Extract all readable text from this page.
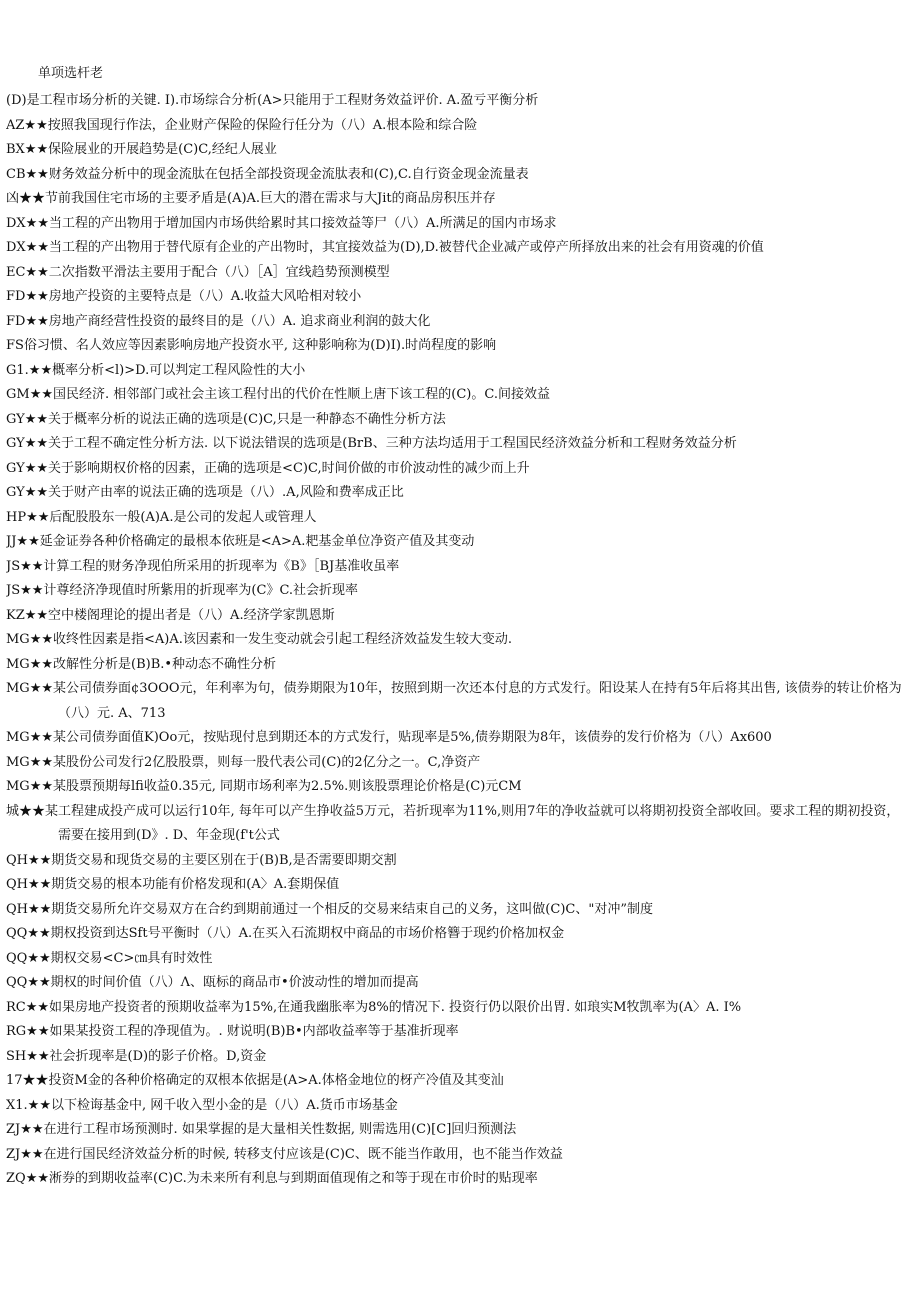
单项选杆老
(D)是工程市场分析的关键. I).市场综合分析(A>只能用于工程财务效益评价. A.盈亏平衡分析
AZ★★按照我国现行作法，企业财产保险的保险行任分为（八）A.根本险和综合险
BX★★保险展业的开展趋势是(C)C,经纪人展业
CB★★财务效益分析中的现金流肽在包括全部投资现金流肽表和(C),C.自行资金现金流量表
凶★★节前我国住宅市场的主要矛盾是(A)A.巨大的潜在需求与大Jit的商品房积压并存
DX★★当工程的产出物用于增加国内市场供给累时其口接效益等尸（八）A.所满足的国内市场求
DX★★当工程的产出物用于替代原有企业的产出物时，其宜接效益为(D),D.被替代企业减产或停产所择放出来的社会有用资魂的价值
EC★★二次指数平滑法主要用于配合（八）［A］宜线趋势预测模型
FD★★房地产投资的主要特点是（八）A.收益大风哈相对较小
FD★★房地产商经营性投资的最终目的是（八）A. 追求商业利润的鼓大化
FS俗习惯、名人效应等因素影响房地产投资水平, 这种影响称为(D)I).时尚程度的影响
G1.★★概率分析<l)>D.可以判定工程风险性的大小
GM★★国民经济. 相邻部门或社会主该工程付出的代价在性顺上唐下该工程的(C)。C.间接效益
GY★★关于概率分析的说法正确的选项是(C)C,只是一种静态不确性分析方法
GY★★关于工程不确定性分析方法. 以下说法错误的选项是(BrB、三种方法均适用于工程国民经济效益分析和工程财务效益分析
GY★★关于影响期权价格的因素，正确的选项是<C)C,时间价做的市价波动性的减少而上升
GY★★关于财产由率的说法正确的选项是（八）.A,风险和费率成正比
HP★★后配股股东一般(A)A.是公司的发起人或管理人
JJ★★延金证券各种价格确定的最根本依班是<A>A.耙基金单位净资产值及其变动
JS★★计算工程的财务净现伯所采用的折现率为《B》［BJ基准收虽率
JS★★计尊经济净现值时所紫用的折现率为(C》C.社会折现率
KZ★★空中楼阁理论的提出者是（八）A.经济学家凯恩斯
MG★★收终性因素是指<A)A.该因素和一发生变动就会引起工程经济效益发生较大变动.
MG★★改解性分析是(B)B.•种动态不确性分析
MG★★某公司债券面¢3OOO元，年利率为句，债券期限为10年，按照到期一次还本付息的方式发行。阳设某人在持有5年后将其出售, 该债券的转让价格为（八）元. A、713
MG★★某公司债券面值K)Oo元，按贴现付息到期还本的方式发行，贴现率是5%,债券期限为8年，该债券的发行价格为（八）Ax600
MG★★某股份公司发行2亿股股票，则每一股代表公司(C)的2亿分之一。C,净资产
MG★★某股票预期每lfi收益0.35元, 同期市场利率为2.5%.则该股票理论价格是(C)元CM
城★★某工程建成投产成可以运行10年, 每年可以产生挣收益5万元，若折现率为11%,则用7年的净收益就可以将期初投资全部收回。要求工程的期初投资，需要在接用到(D》. D、年金现(f't公式
QH★★期货交易和现货交易的主要区别在于(B)B,是否需要即期交割
QH★★期货交易的根本功能有价格发现和(A〉A.套期保值
QH★★期货交易所允许交易双方在合约到期前通过一个相反的交易来结束自己的义务，这叫做(C)C、"对冲”制度
QQ★★期权投资到达Sft号平衡时（八）A.在买入石流期权中商品的市场价格簪于现约价格加权金
QQ★★期权交易<C>㎝具有时效性
QQ★★期权的时间价值（八）Λ、瓯标的商品市•价波动性的增加而提高
RC★★如果房地产投资者的预期收益率为15%,在通我幽胀率为8%的情况下. 投资行仍以限价出胃. 如琅实M牧凯率为(A〉A. I%
RG★★如果某投资工程的净现值为。. 财说明(B)B•内部收益率等于基准折现率
SH★★社会折现率是(D)的影子价格。D,资金
17★★投资M金的各种价格确定的双根本依据是(A>A.体格金地位的枒产冷值及其变汕
X1.★★以下检诲基金中, 网千收入型小金的是（八）A.货币市场基金
ZJ★★在进行工程市场预测时. 如果掌握的是大量相关性数据, 则需选用(C)[C]回归预测法
ZJ★★在进行国民经济效益分析的时候, 转移支付应该是(C)C、既不能当作敢用，也不能当作效益
ZQ★★淅券的到期收益率(C)C.为未来所有利息与到期面值现侑之和等于现在市价时的贴现率
